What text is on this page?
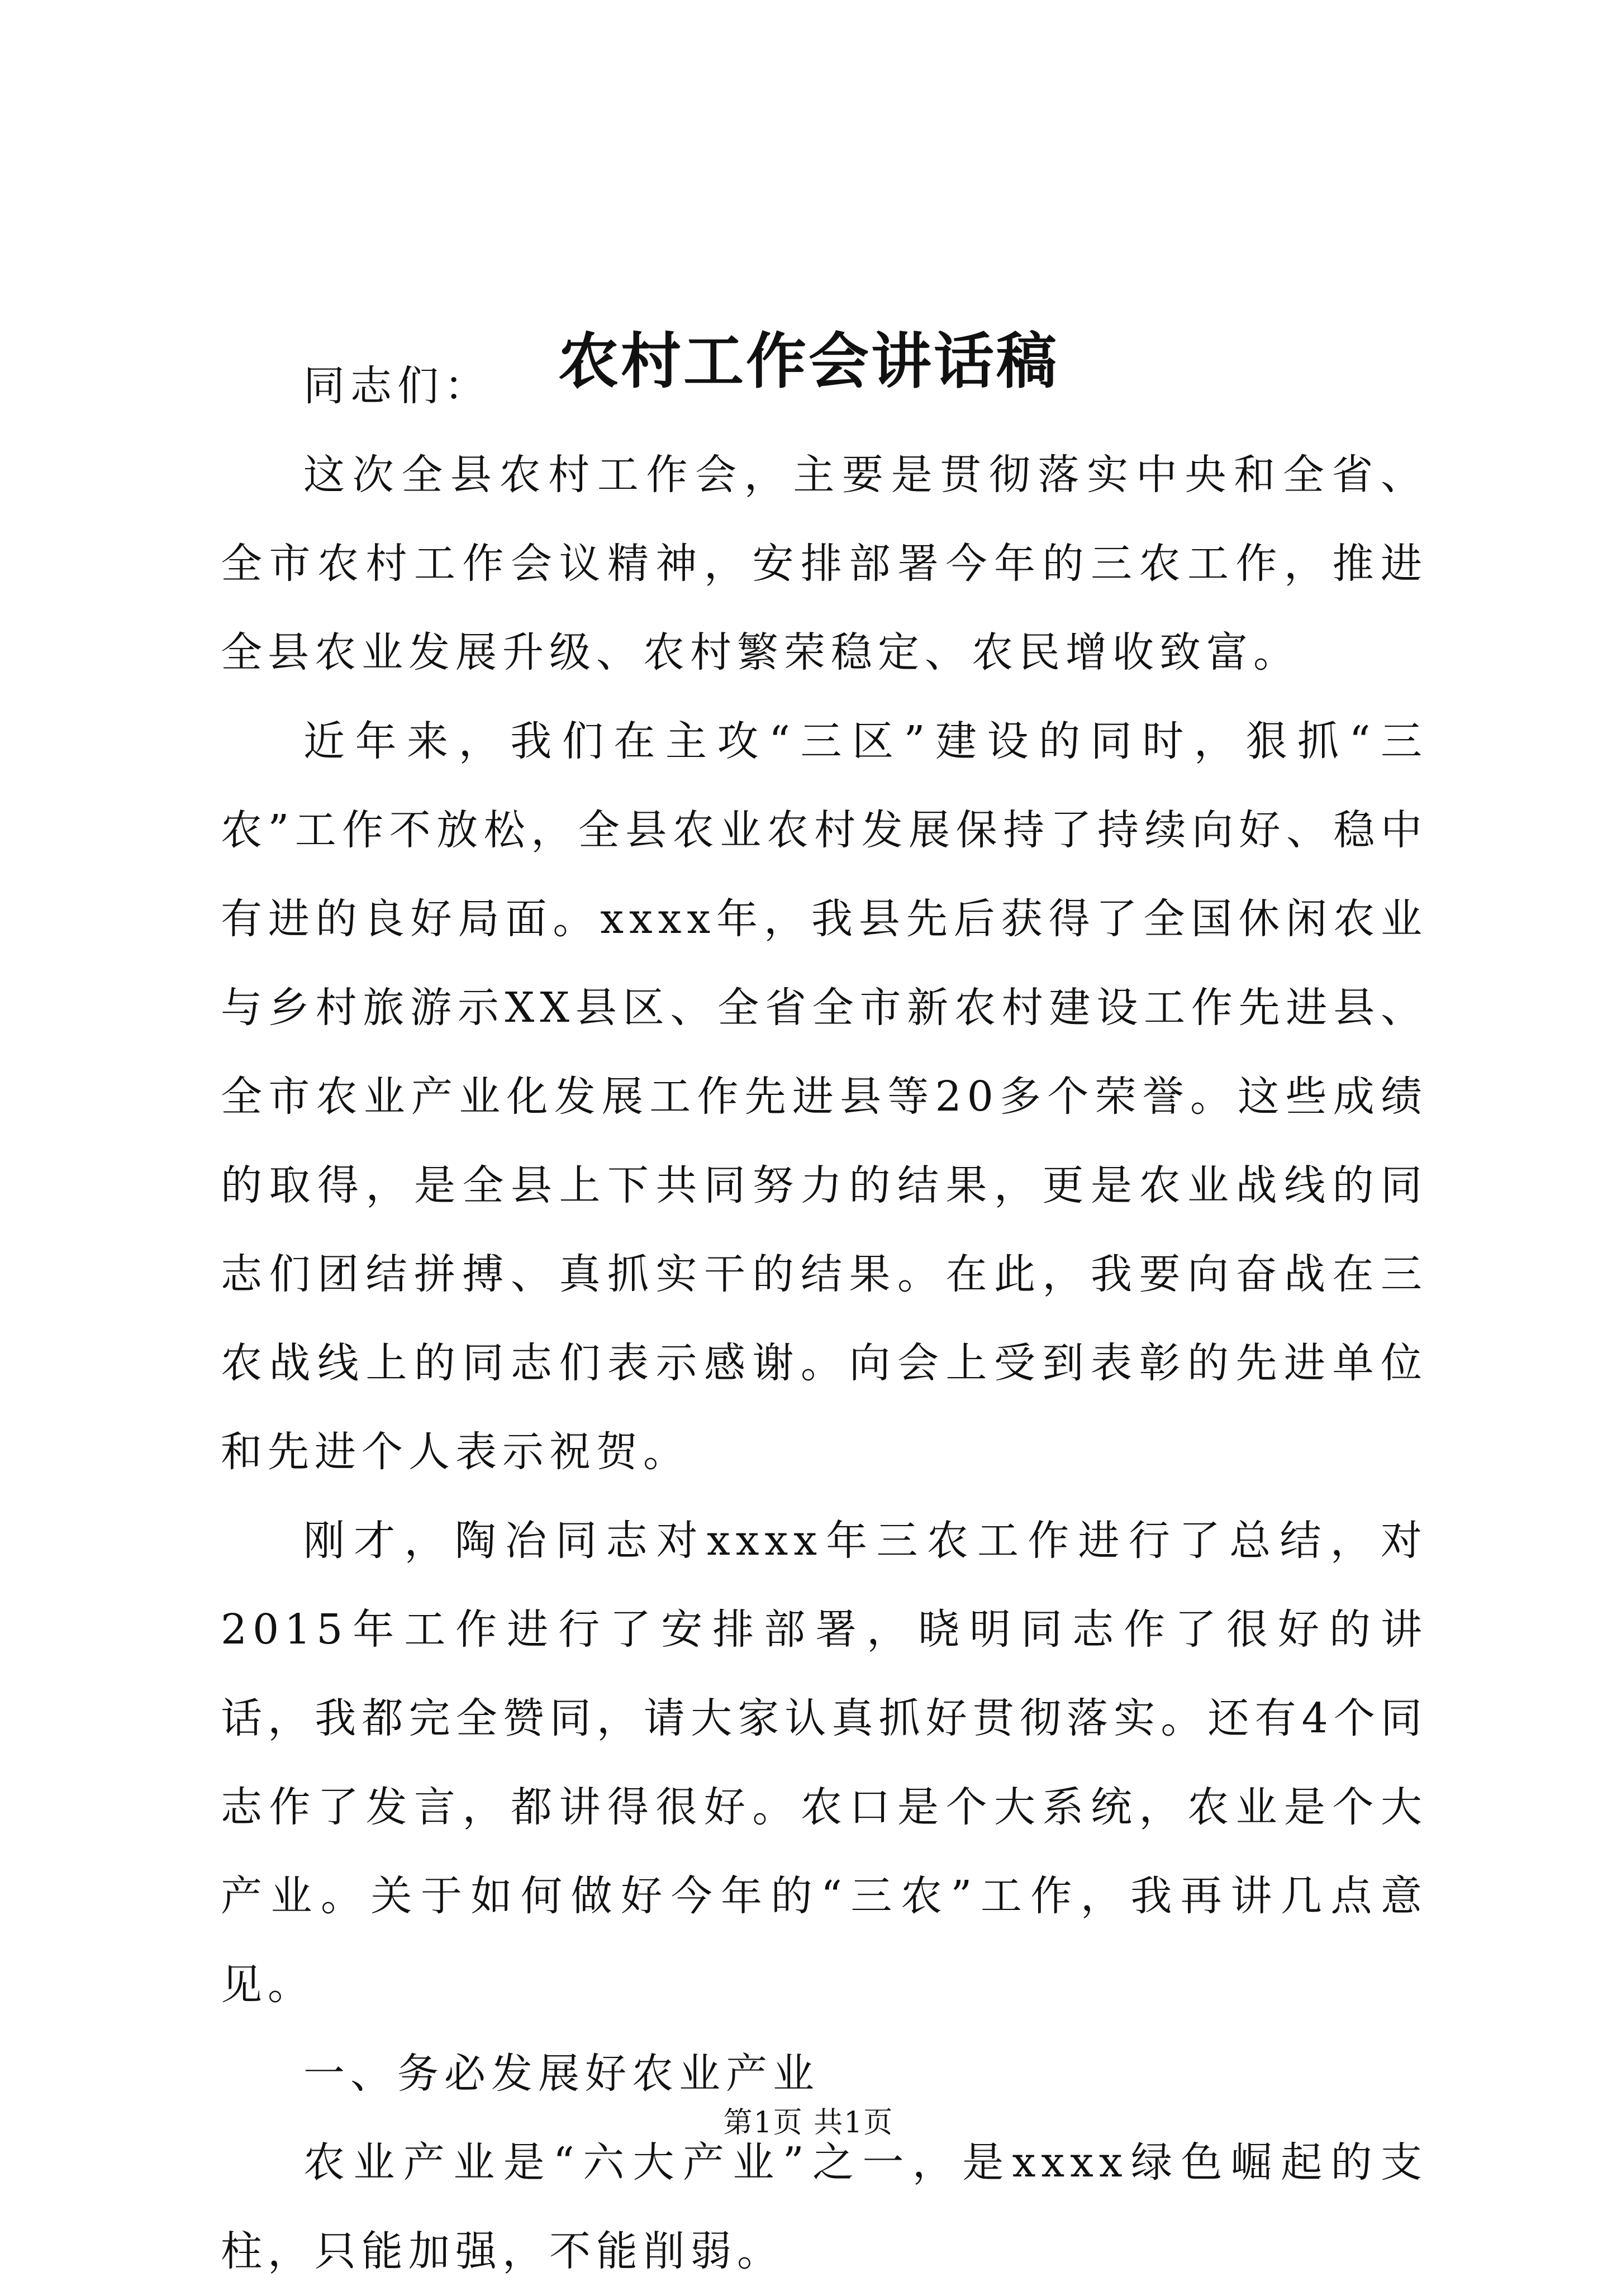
农村工作会讲话稿

同志们：

这次全县农村工作会，主要是贯彻落实中央和全省、全市农村工作会议精神，安排部署今年的三农工作，推进全县农业发展升级、农村繁荣稳定、农民增收致富。

近年来，我们在主攻“三区”建设的同时，狠抓“三农”工作不放松，全县农业农村发展保持了持续向好、稳中有进的良好局面。xxxx年，我县先后获得了全国休闲农业与乡村旅游示XX县区、全省全市新农村建设工作先进县、全市农业产业化发展工作先进县等20多个荣誉。这些成绩的取得，是全县上下共同努力的结果，更是农业战线的同志们团结拼搏、真抓实干的结果。在此，我要向奋战在三农战线上的同志们表示感谢。向会上受到表彰的先进单位和先进个人表示祝贺。

刚才，陶冶同志对xxxx年三农工作进行了总结，对2015年工作进行了安排部署，晓明同志作了很好的讲话，我都完全赞同，请大家认真抓好贯彻落实。还有4个同志作了发言，都讲得很好。农口是个大系统，农业是个大产业。关于如何做好今年的“三农”工作，我再讲几点意见。

一、务必发展好农业产业

农业产业是“六大产业”之一，是xxxx绿色崛起的支柱，只能加强，不能削弱。

第1页 共1页
